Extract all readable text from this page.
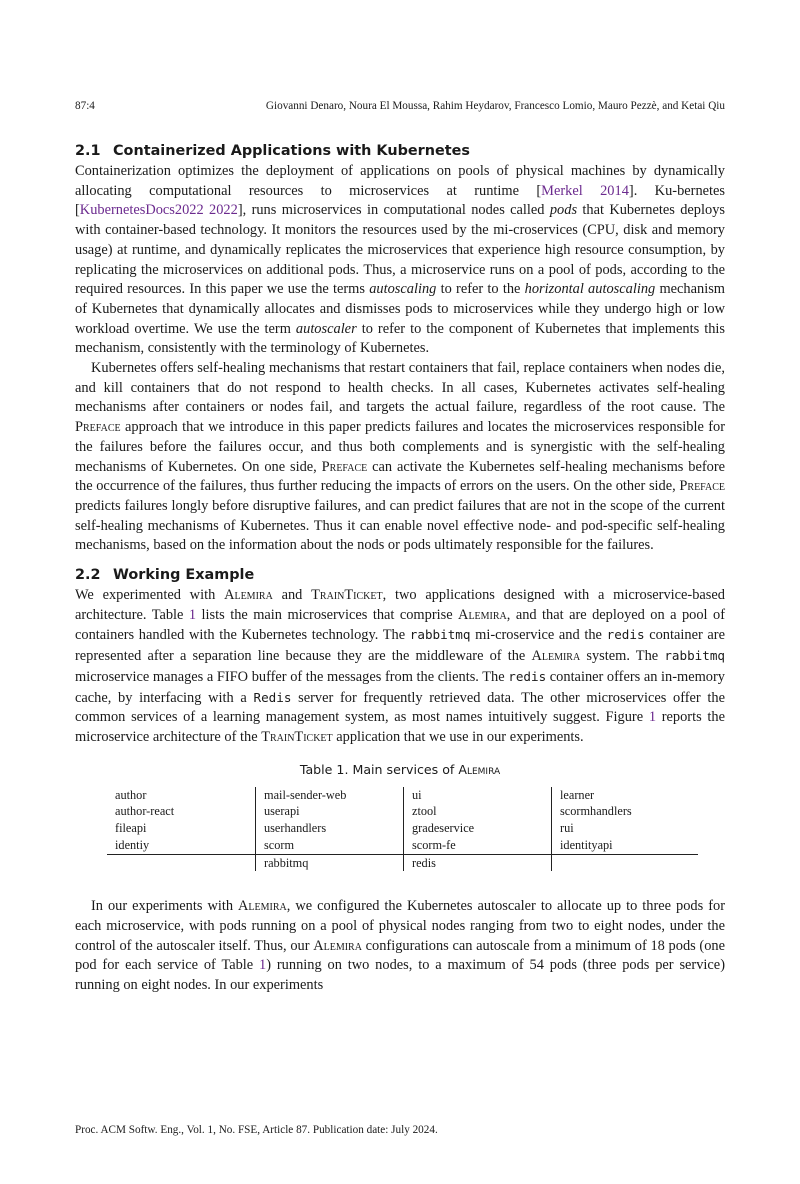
87:4	Giovanni Denaro, Noura El Moussa, Rahim Heydarov, Francesco Lomio, Mauro Pezzè, and Ketai Qiu
2.1 Containerized Applications with Kubernetes

Containerization optimizes the deployment of applications on pools of physical machines by dynamically allocating computational resources to microservices at runtime [Merkel 2014]. Ku-bernetes [KubernetesDocs2022 2022], runs microservices in computational nodes called pods that Kubernetes deploys with container-based technology. It monitors the resources used by the mi-croservices (CPU, disk and memory usage) at runtime, and dynamically replicates the microservices that experience high resource consumption, by replicating the microservices on additional pods. Thus, a microservice runs on a pool of pods, according to the required resources. In this paper we use the terms autoscaling to refer to the horizontal autoscaling mechanism of Kubernetes that dynamically allocates and dismisses pods to microservices while they undergo high or low workload overtime. We use the term autoscaler to refer to the component of Kubernetes that implements this mechanism, consistently with the terminology of Kubernetes.

Kubernetes offers self-healing mechanisms that restart containers that fail, replace containers when nodes die, and kill containers that do not respond to health checks. In all cases, Kubernetes activates self-healing mechanisms after containers or nodes fail, and targets the actual failure, regardless of the root cause. The Preface approach that we introduce in this paper predicts failures and locates the microservices responsible for the failures before the failures occur, and thus both complements and is synergistic with the self-healing mechanisms of Kubernetes. On one side, Preface can activate the Kubernetes self-healing mechanisms before the occurrence of the failures, thus further reducing the impacts of errors on the users. On the other side, Preface predicts failures longly before disruptive failures, and can predict failures that are not in the scope of the current self-healing mechanisms of Kubernetes. Thus it can enable novel effective node- and pod-specific self-healing mechanisms, based on the information about the nods or pods ultimately responsible for the failures.

2.2 Working Example

We experimented with Alemira and TrainTicket, two applications designed with a microservice-based architecture. Table 1 lists the main microservices that comprise Alemira, and that are deployed on a pool of containers handled with the Kubernetes technology. The rabbitmq mi-croservice and the redis container are represented after a separation line because they are the middleware of the Alemira system. The rabbitmq microservice manages a FIFO buffer of the messages from the clients. The redis container offers an in-memory cache, by interfacing with a Redis server for frequently retrieved data. The other microservices offer the common services of a learning management system, as most names intuitively suggest. Figure 1 reports the microservice architecture of the TrainTicket application that we use in our experiments.

Table 1. Main services of Alemira
author	mail-sender-web	ui	learner
author-react	userapi	ztool	scormhandlers
fileapi	userhandlers	gradeservice	rui
identiy	scorm	scorm-fe	identityapi
	rabbitmq	redis	

In our experiments with Alemira, we configured the Kubernetes autoscaler to allocate up to three pods for each microservice, with pods running on a pool of physical nodes ranging from two to eight nodes, under the control of the autoscaler itself. Thus, our Alemira configurations can autoscale from a minimum of 18 pods (one pod for each service of Table 1) running on two nodes, to a maximum of 54 pods (three pods per service) running on eight nodes. In our experiments

Proc. ACM Softw. Eng., Vol. 1, No. FSE, Article 87. Publication date: July 2024.
